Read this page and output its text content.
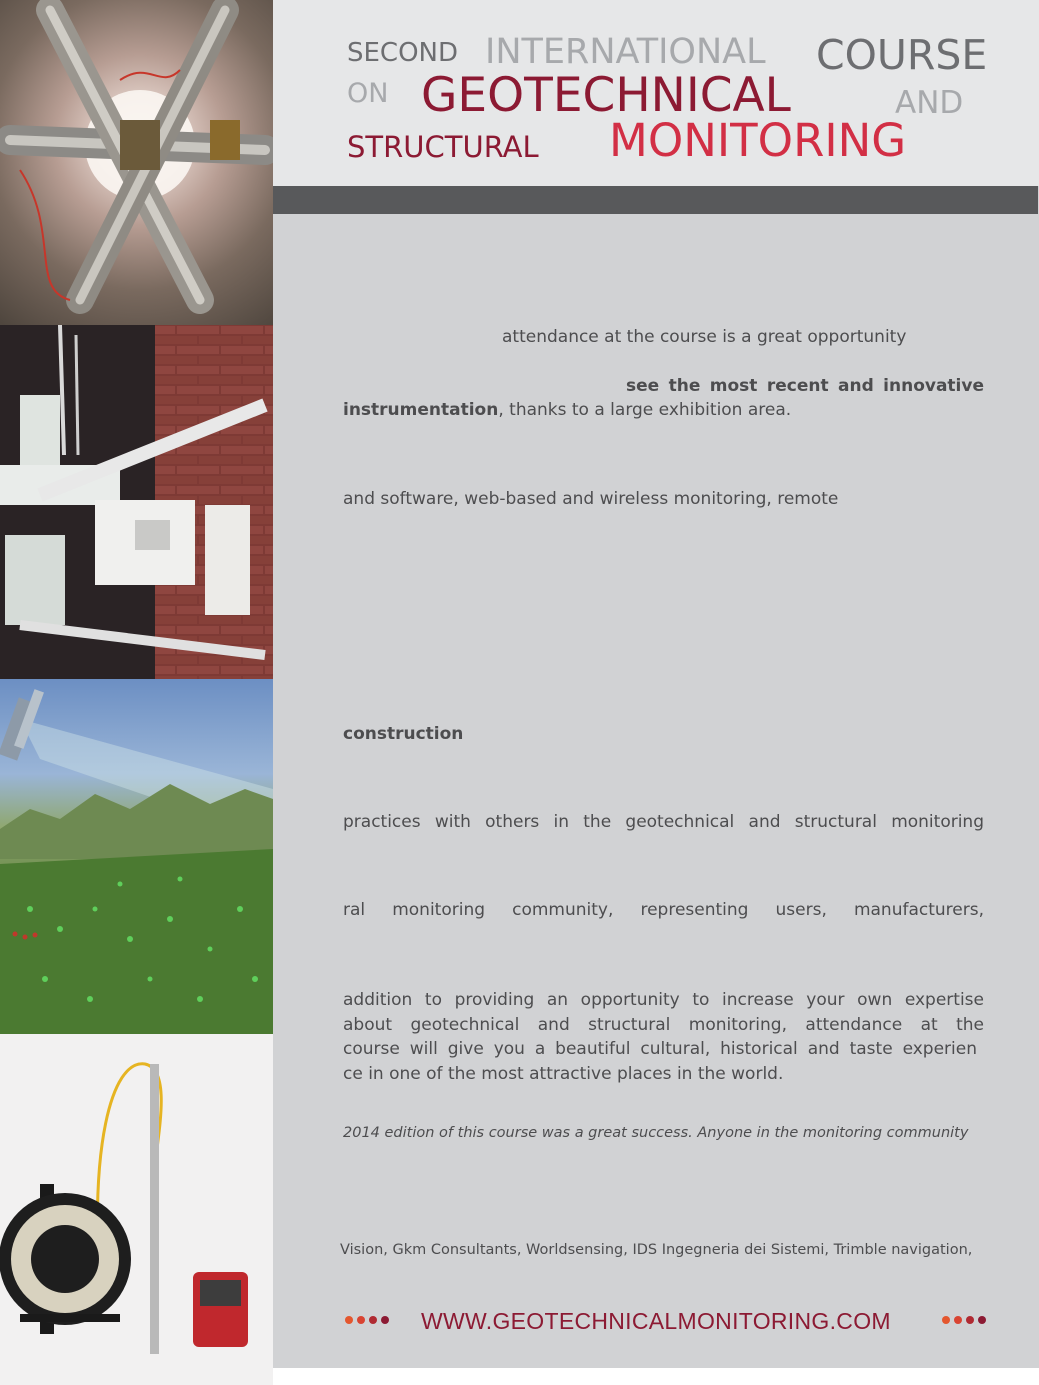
SECOND INTERNATIONAL COURSE
ON GEOTECHNICAL	AND
STRUCTURAL MONITORING
attendance at the course is a great opportunity
see the most recent and innovative
instrumentation, thanks to a large exhibition area.
and software, web-based and wireless monitoring, remote
construction
practices with others in the geotechnical and structural monitoring
ral monitoring community, representing users, manufacturers,
addition to providing an opportunity to increase your own expertise
about geotechnical and structural monitoring, attendance at the
course will give you a beautiful cultural, historical and taste experien
ce in one of the most attractive places in the world.
2014 edition of this course was a great success. Anyone in the monitoring community
Vision, Gkm Consultants, Worldsensing, IDS Ingegneria dei Sistemi, Trimble navigation,
WWW.GEOTECHNICALMONITORING.COM
